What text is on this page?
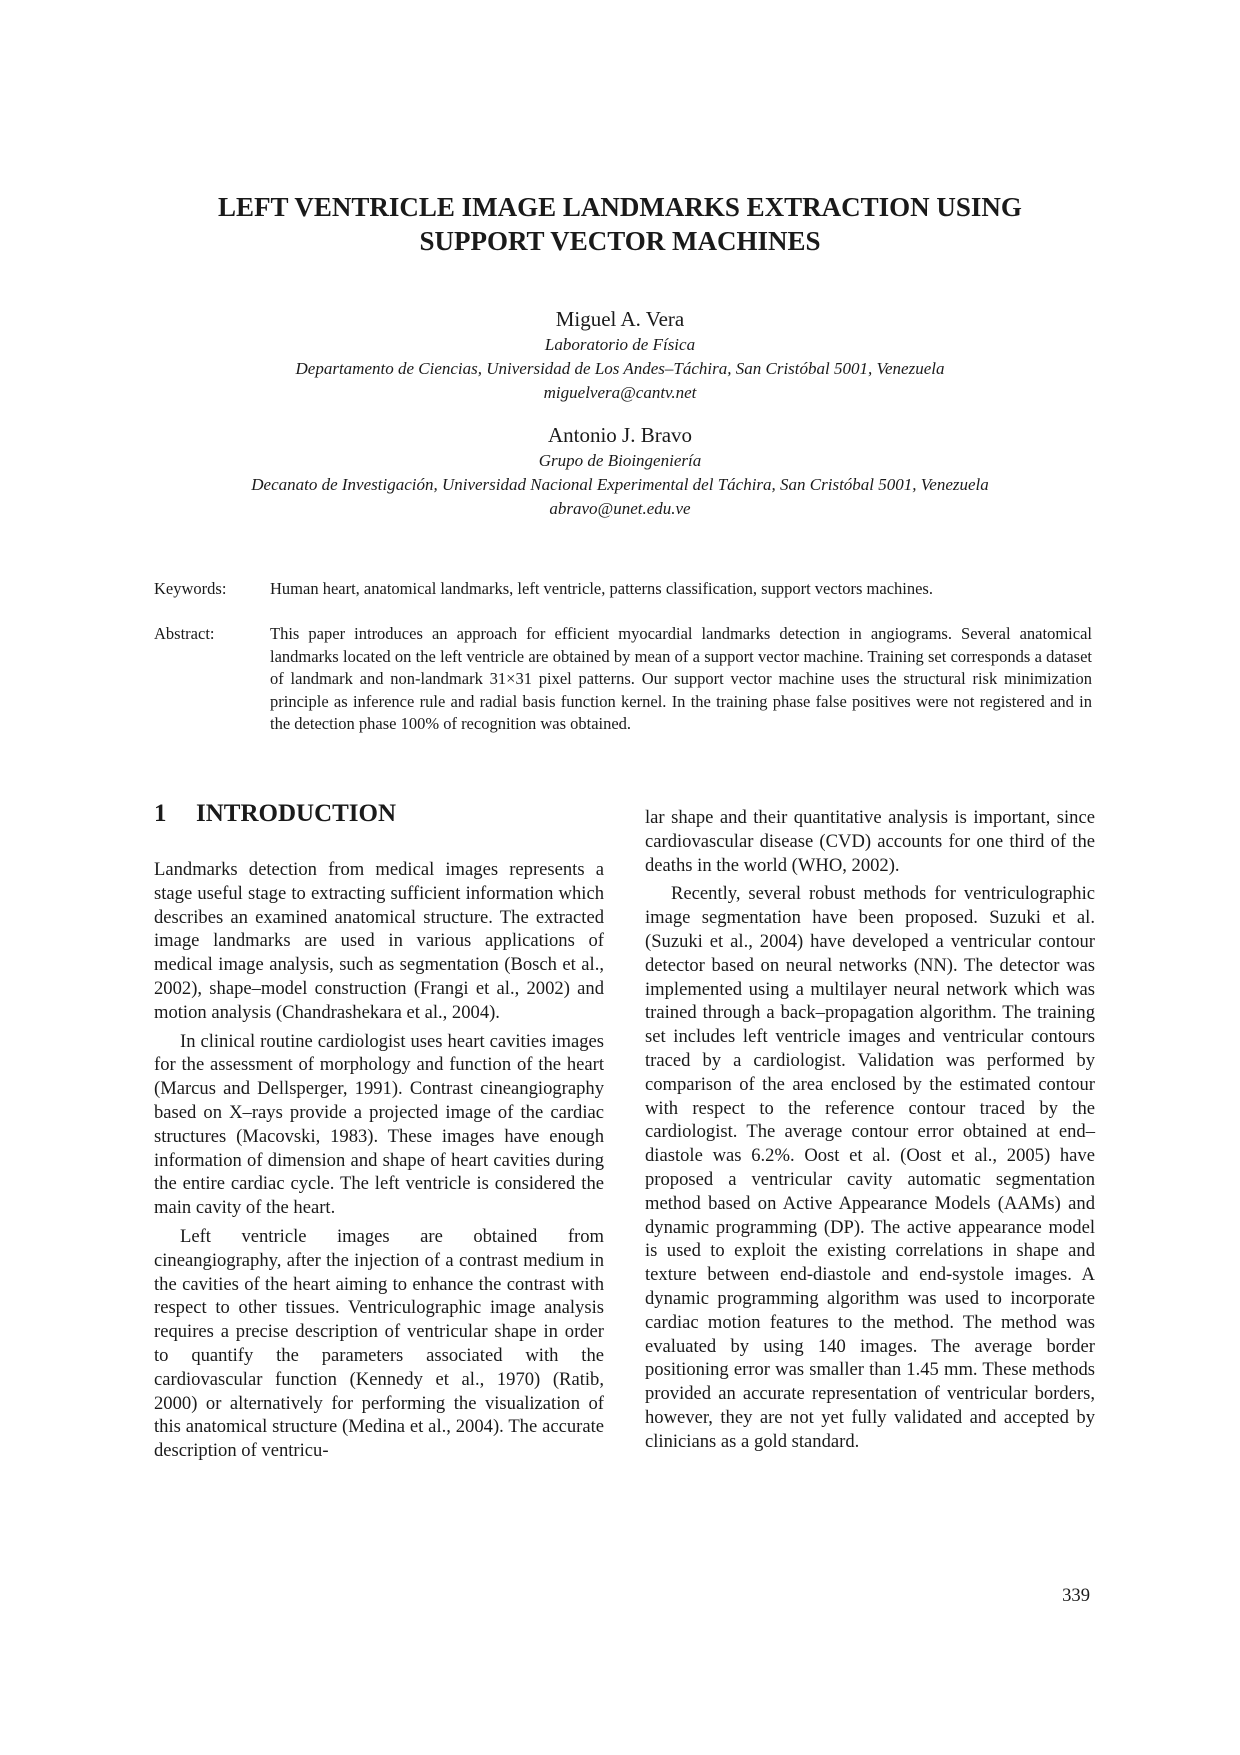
LEFT VENTRICLE IMAGE LANDMARKS EXTRACTION USING
SUPPORT VECTOR MACHINES
Miguel A. Vera
Laboratorio de Física
Departamento de Ciencias, Universidad de Los Andes–Táchira, San Cristóbal 5001, Venezuela
miguelvera@cantv.net
Antonio J. Bravo
Grupo de Bioingeniería
Decanato de Investigación, Universidad Nacional Experimental del Táchira, San Cristóbal 5001, Venezuela
abravo@unet.edu.ve
Keywords:	Human heart, anatomical landmarks, left ventricle, patterns classification, support vectors machines.
Abstract:	This paper introduces an approach for efficient myocardial landmarks detection in angiograms. Several anatomical landmarks located on the left ventricle are obtained by mean of a support vector machine. Training set corresponds a dataset of landmark and non-landmark 31×31 pixel patterns. Our support vector machine uses the structural risk minimization principle as inference rule and radial basis function kernel. In the training phase false positives were not registered and in the detection phase 100% of recognition was obtained.
1 INTRODUCTION

Landmarks detection from medical images represents a stage useful stage to extracting sufficient information which describes an examined anatomical structure. The extracted image landmarks are used in various applications of medical image analysis, such as segmentation (Bosch et al., 2002), shape–model construction (Frangi et al., 2002) and motion analysis (Chandrashekara et al., 2004).

In clinical routine cardiologist uses heart cavities images for the assessment of morphology and function of the heart (Marcus and Dellsperger, 1991). Contrast cineangiography based on X–rays provide a projected image of the cardiac structures (Macovski, 1983). These images have enough information of dimension and shape of heart cavities during the entire cardiac cycle. The left ventricle is considered the main cavity of the heart.

Left ventricle images are obtained from cineangiography, after the injection of a contrast medium in the cavities of the heart aiming to enhance the contrast with respect to other tissues. Ventriculographic image analysis requires a precise description of ventricular shape in order to quantify the parameters associated with the cardiovascular function (Kennedy et al., 1970) (Ratib, 2000) or alternatively for performing the visualization of this anatomical structure (Medina et al., 2004). The accurate description of ventricu-

lar shape and their quantitative analysis is important, since cardiovascular disease (CVD) accounts for one third of the deaths in the world (WHO, 2002).

Recently, several robust methods for ventriculographic image segmentation have been proposed. Suzuki et al. (Suzuki et al., 2004) have developed a ventricular contour detector based on neural networks (NN). The detector was implemented using a multilayer neural network which was trained through a back–propagation algorithm. The training set includes left ventricle images and ventricular contours traced by a cardiologist. Validation was performed by comparison of the area enclosed by the estimated contour with respect to the reference contour traced by the cardiologist. The average contour error obtained at end–diastole was 6.2%. Oost et al. (Oost et al., 2005) have proposed a ventricular cavity automatic segmentation method based on Active Appearance Models (AAMs) and dynamic programming (DP). The active appearance model is used to exploit the existing correlations in shape and texture between end-diastole and end-systole images. A dynamic programming algorithm was used to incorporate cardiac motion features to the method. The method was evaluated by using 140 images. The average border positioning error was smaller than 1.45 mm. These methods provided an accurate representation of ventricular borders, however, they are not yet fully validated and accepted by clinicians as a gold standard.

339
